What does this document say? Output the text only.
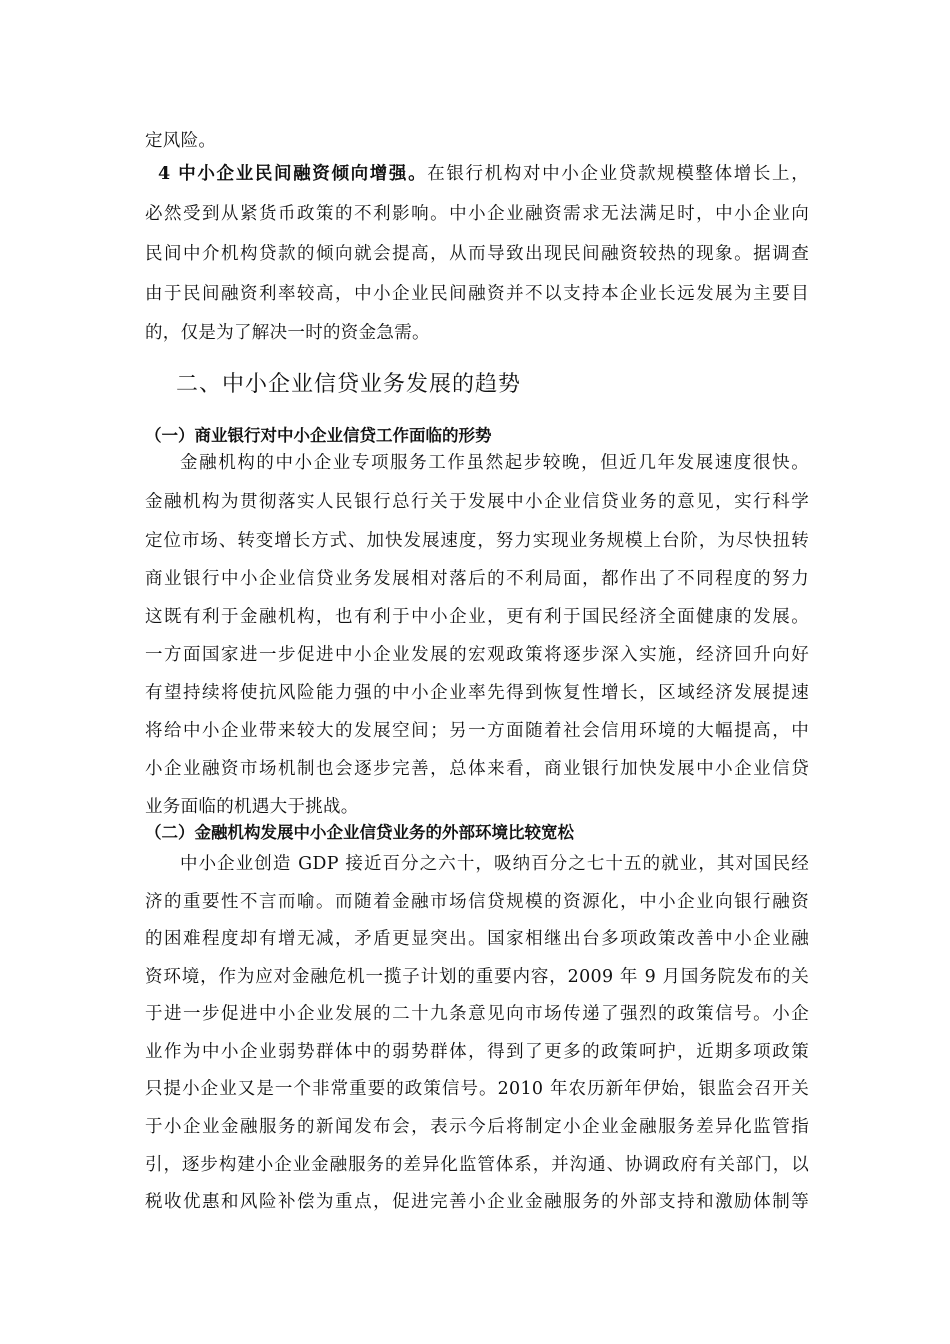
定风险。
4 中小企业民间融资倾向增强。在银行机构对中小企业贷款规模整体增长上，
必然受到从紧货币政策的不利影响。中小企业融资需求无法满足时，中小企业向
民间中介机构贷款的倾向就会提高，从而导致出现民间融资较热的现象。据调查
由于民间融资利率较高，中小企业民间融资并不以支持本企业长远发展为主要目
的，仅是为了解决一时的资金急需。
二、中小企业信贷业务发展的趋势
（一）商业银行对中小企业信贷工作面临的形势
金融机构的中小企业专项服务工作虽然起步较晚，但近几年发展速度很快。
金融机构为贯彻落实人民银行总行关于发展中小企业信贷业务的意见，实行科学
定位市场、转变增长方式、加快发展速度，努力实现业务规模上台阶，为尽快扭转
商业银行中小企业信贷业务发展相对落后的不利局面，都作出了不同程度的努力
这既有利于金融机构，也有利于中小企业，更有利于国民经济全面健康的发展。
一方面国家进一步促进中小企业发展的宏观政策将逐步深入实施，经济回升向好
有望持续将使抗风险能力强的中小企业率先得到恢复性增长，区域经济发展提速
将给中小企业带来较大的发展空间；另一方面随着社会信用环境的大幅提高，中
小企业融资市场机制也会逐步完善，总体来看，商业银行加快发展中小企业信贷
业务面临的机遇大于挑战。
（二）金融机构发展中小企业信贷业务的外部环境比较宽松
中小企业创造 GDP 接近百分之六十，吸纳百分之七十五的就业，其对国民经
济的重要性不言而喻。而随着金融市场信贷规模的资源化，中小企业向银行融资
的困难程度却有增无减，矛盾更显突出。国家相继出台多项政策改善中小企业融
资环境，作为应对金融危机一揽子计划的重要内容，2009 年 9 月国务院发布的关
于进一步促进中小企业发展的二十九条意见向市场传递了强烈的政策信号。小企
业作为中小企业弱势群体中的弱势群体，得到了更多的政策呵护，近期多项政策
只提小企业又是一个非常重要的政策信号。2010 年农历新年伊始，银监会召开关
于小企业金融服务的新闻发布会，表示今后将制定小企业金融服务差异化监管指
引，逐步构建小企业金融服务的差异化监管体系，并沟通、协调政府有关部门，以
税收优惠和风险补偿为重点，促进完善小企业金融服务的外部支持和激励体制等
